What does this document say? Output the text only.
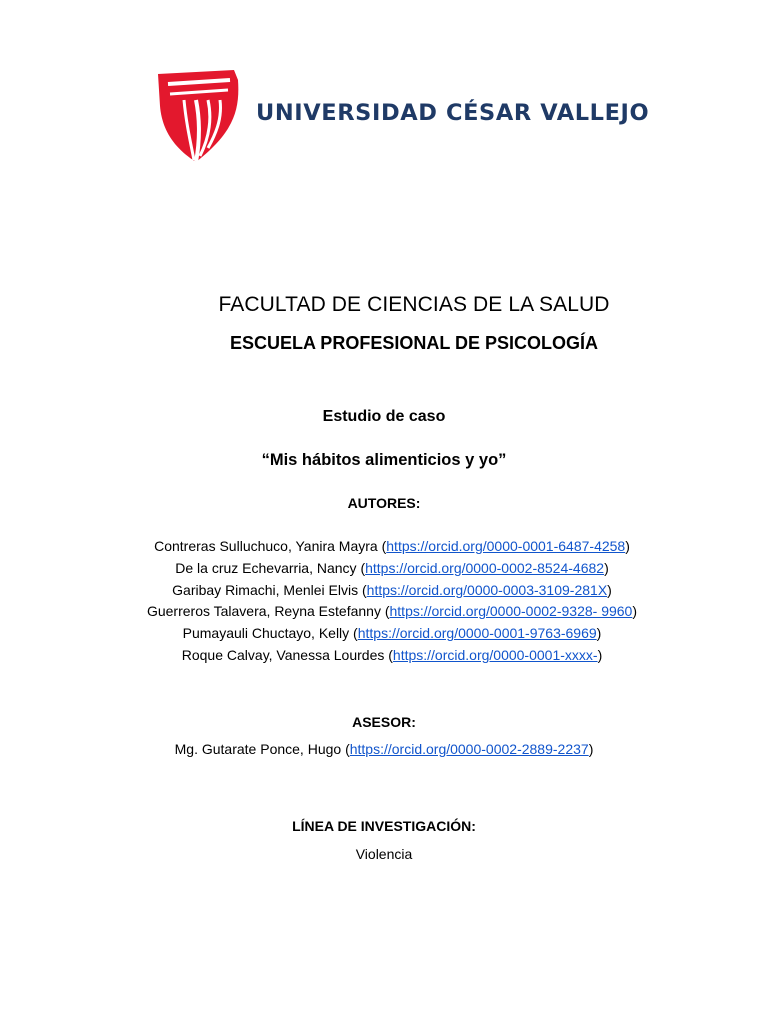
UNIVERSIDAD CÉSAR VALLEJO
FACULTAD DE CIENCIAS DE LA SALUD
ESCUELA PROFESIONAL DE PSICOLOGÍA
Estudio de caso
“Mis hábitos alimenticios y yo”
AUTORES:
Contreras Sulluchuco, Yanira Mayra (https://orcid.org/0000-0001-6487-4258)
De la cruz Echevarria, Nancy (https://orcid.org/0000-0002-8524-4682)
Garibay Rimachi, Menlei Elvis (https://orcid.org/0000-0003-3109-281X)
Guerreros Talavera, Reyna Estefanny (https://orcid.org/0000-0002-9328- 9960)
Pumayauli Chuctayo, Kelly (https://orcid.org/0000-0001-9763-6969)
Roque Calvay, Vanessa Lourdes (https://orcid.org/0000-0001-xxxx-)
ASESOR:
Mg. Gutarate Ponce, Hugo (https://orcid.org/0000-0002-2889-2237)
LÍNEA DE INVESTIGACIÓN:
Violencia
